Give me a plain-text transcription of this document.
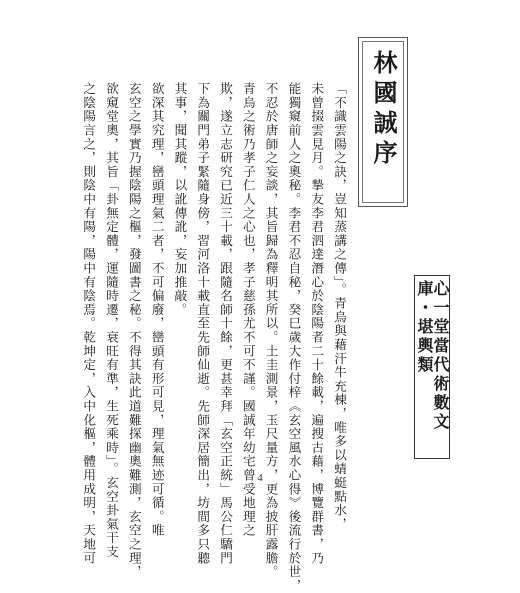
心一堂當代術數文庫・堪輿類
林國誠序
「不識雲陽之訣，豈知蒸講之傳」。青烏與藉汗牛充棟，唯多以蜻蜓點水，
未曾掇雲見月。摯友李君泗達潛心於陰陽者二十餘載，遍搜古藉，博覽群書，乃
能獨窺前人之奧秘。李君不忍自秘，癸巳歲大作付梓《玄空風水心得》後流行於世，
不忍於唐師之妄談，其旨歸為釋明其所以。土圭測景，玉尺量方，更為披肝露膽。
青烏之術乃孝子仁人之心也，孝子慈孫尤不可不謹。國誠年幼宅曾受地理之
欺，遂立志研究已近三十載，跟隨名師十餘，更甚幸拜「玄空正統」馬公仁驕門
下為關門弟子緊隨身傍，習河洛十載直至先師仙逝。先師深居簡出，坊間多只聽
其事，聞其蹤，以訛傳訛，妄加推敲。
欲深其究理，巒頭理氣二者，不可偏廢，巒頭有形可見，理氣無迹可循。唯
玄空之學實乃握陰陽之樞，發圖書之秘。不得其訣此道難探幽奧難測，玄空之理，
欲窺堂奧，其旨「卦無定體，運隨時遷，衰旺有準，生死乘時」。玄空卦氣干支
之陰陽言之，則陰中有陽，陽中有陰焉。乾坤定，入中化樞，體用成明，天地可	4
